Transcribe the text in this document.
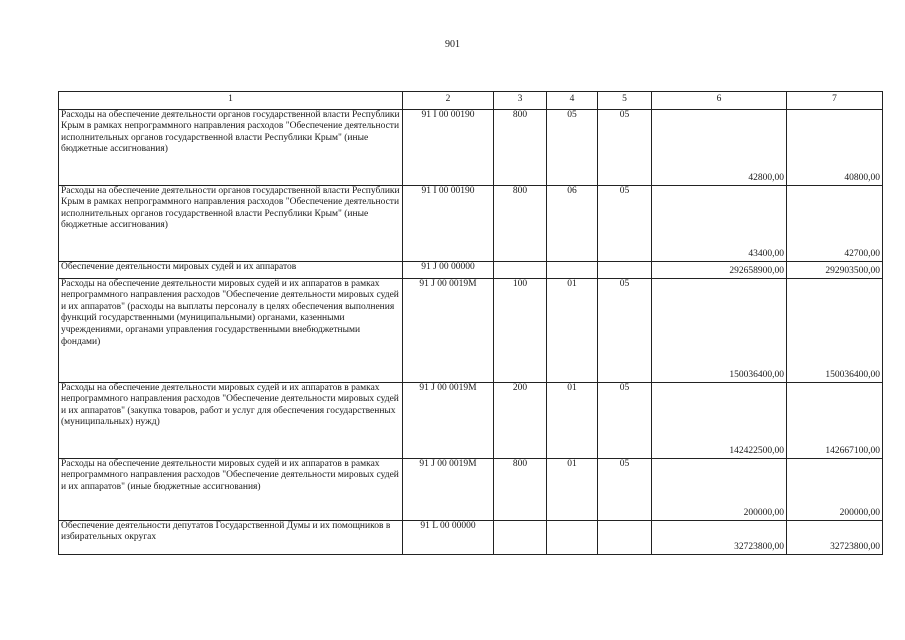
901
1	2	3	4	5	6	7
Расходы на обеспечение деятельности органов государственной власти Республики Крым в рамках непрограммного направления расходов "Обеспечение деятельности исполнительных органов государственной власти Республики Крым" (иные бюджетные ассигнования)	91 I 00 00190	800	05	05	42800,00	40800,00
Расходы на обеспечение деятельности органов государственной власти Республики Крым в рамках непрограммного направления расходов "Обеспечение деятельности исполнительных органов государственной власти Республики Крым" (иные бюджетные ассигнования)	91 I 00 00190	800	06	05	43400,00	42700,00
Обеспечение деятельности мировых судей и их аппаратов	91 J 00 00000				292658900,00	292903500,00
Расходы на обеспечение деятельности мировых судей и их аппаратов в рамках непрограммного направления расходов "Обеспечение деятельности мировых судей и их аппаратов" (расходы на выплаты персоналу в целях обеспечения выполнения функций государственными (муниципальными) органами, казенными учреждениями, органами управления государственными внебюджетными фондами)	91 J 00 0019M	100	01	05	150036400,00	150036400,00
Расходы на обеспечение деятельности мировых судей и их аппаратов в рамках непрограммного направления расходов "Обеспечение деятельности мировых судей и их аппаратов" (закупка товаров, работ и услуг для обеспечения государственных (муниципальных) нужд)	91 J 00 0019M	200	01	05	142422500,00	142667100,00
Расходы на обеспечение деятельности мировых судей и их аппаратов в рамках непрограммного направления расходов "Обеспечение деятельности мировых судей и их аппаратов" (иные бюджетные ассигнования)	91 J 00 0019M	800	01	05	200000,00	200000,00
Обеспечение деятельности депутатов Государственной Думы и их помощников в избирательных округах	91 L 00 00000				32723800,00	32723800,00
